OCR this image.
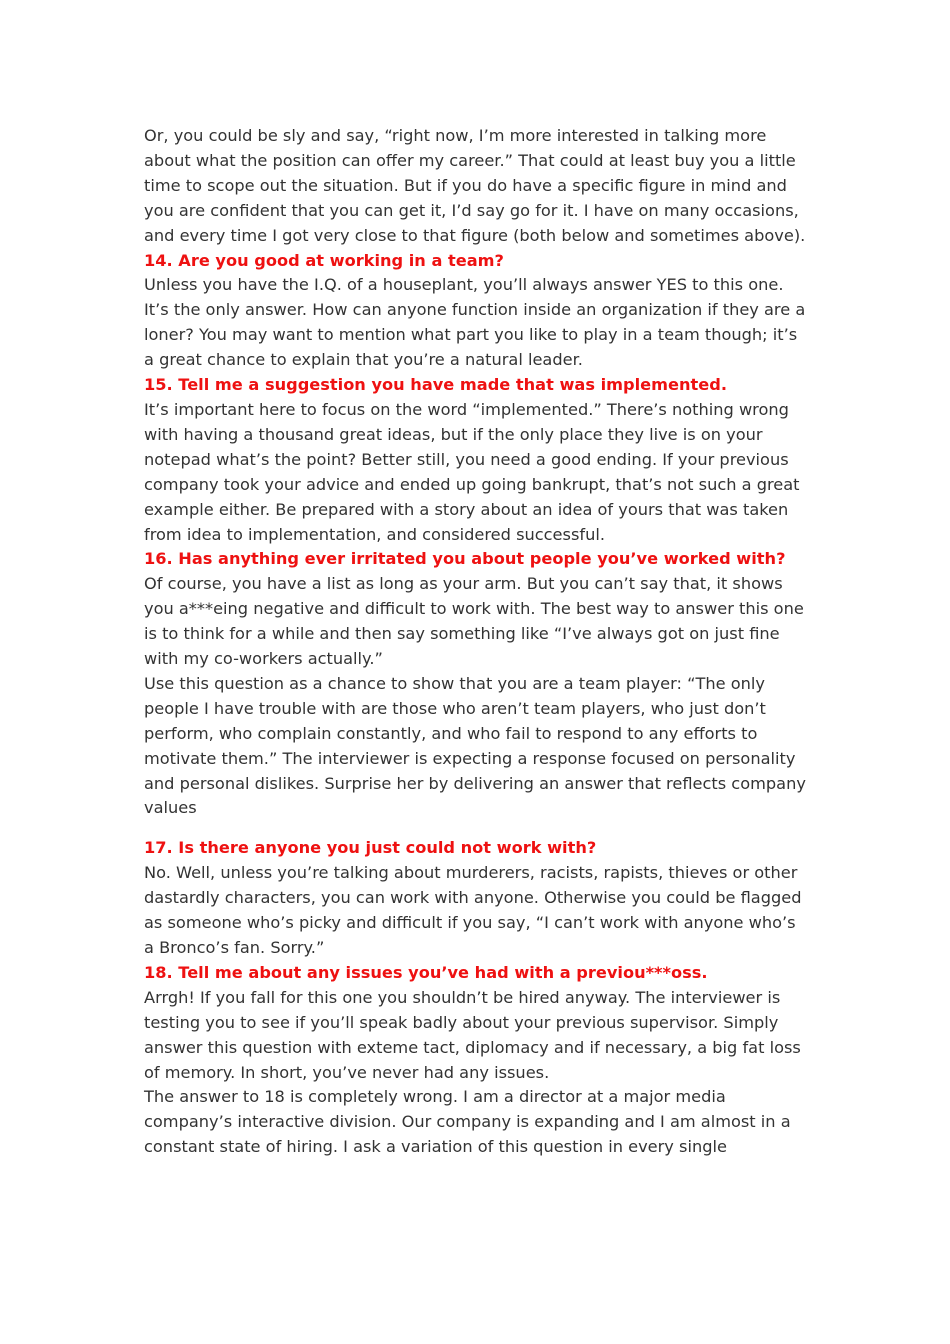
Or, you could be sly and say, “right now, I’m more interested in talking more about what the position can offer my career.” That could at least buy you a little time to scope out the situation. But if you do have a specific figure in mind and you are confident that you can get it, I’d say go for it. I have on many occasions, and every time I got very close to that figure (both below and sometimes above).

14. Are you good at working in a team?

Unless you have the I.Q. of a houseplant, you’ll always answer YES to this one. It’s the only answer. How can anyone function inside an organization if they are a loner? You may want to mention what part you like to play in a team though; it’s a great chance to explain that you’re a natural leader.

15. Tell me a suggestion you have made that was implemented.

It’s important here to focus on the word “implemented.” There’s nothing wrong with having a thousand great ideas, but if the only place they live is on your notepad what’s the point? Better still, you need a good ending. If your previous company took your advice and ended up going bankrupt, that’s not such a great example either. Be prepared with a story about an idea of yours that was taken from idea to implementation, and considered successful.

16. Has anything ever irritated you about people you’ve worked with?

Of course, you have a list as long as your arm. But you can’t say that, it shows you a***eing negative and difficult to work with. The best way to answer this one is to think for a while and then say something like “I’ve always got on just fine with my co-workers actually.”

Use this question as a chance to show that you are a team player: “The only people I have trouble with are those who aren’t team players, who just don’t perform, who complain constantly, and who fail to respond to any efforts to motivate them.” The interviewer is expecting a response focused on personality and personal dislikes. Surprise her by delivering an answer that reflects company values

17. Is there anyone you just could not work with?

No. Well, unless you’re talking about murderers, racists, rapists, thieves or other dastardly characters, you can work with anyone. Otherwise you could be flagged as someone who’s picky and difficult if you say, “I can’t work with anyone who’s a Bronco’s fan. Sorry.”

18. Tell me about any issues you’ve had with a previou***oss.

Arrgh! If you fall for this one you shouldn’t be hired anyway. The interviewer is testing you to see if you’ll speak badly about your previous supervisor. Simply answer this question with exteme tact, diplomacy and if necessary, a big fat loss of memory. In short, you’ve never had any issues.

The answer to 18 is completely wrong. I am a director at a major media company’s interactive division. Our company is expanding and I am almost in a constant state of hiring. I ask a variation of this question in every single
